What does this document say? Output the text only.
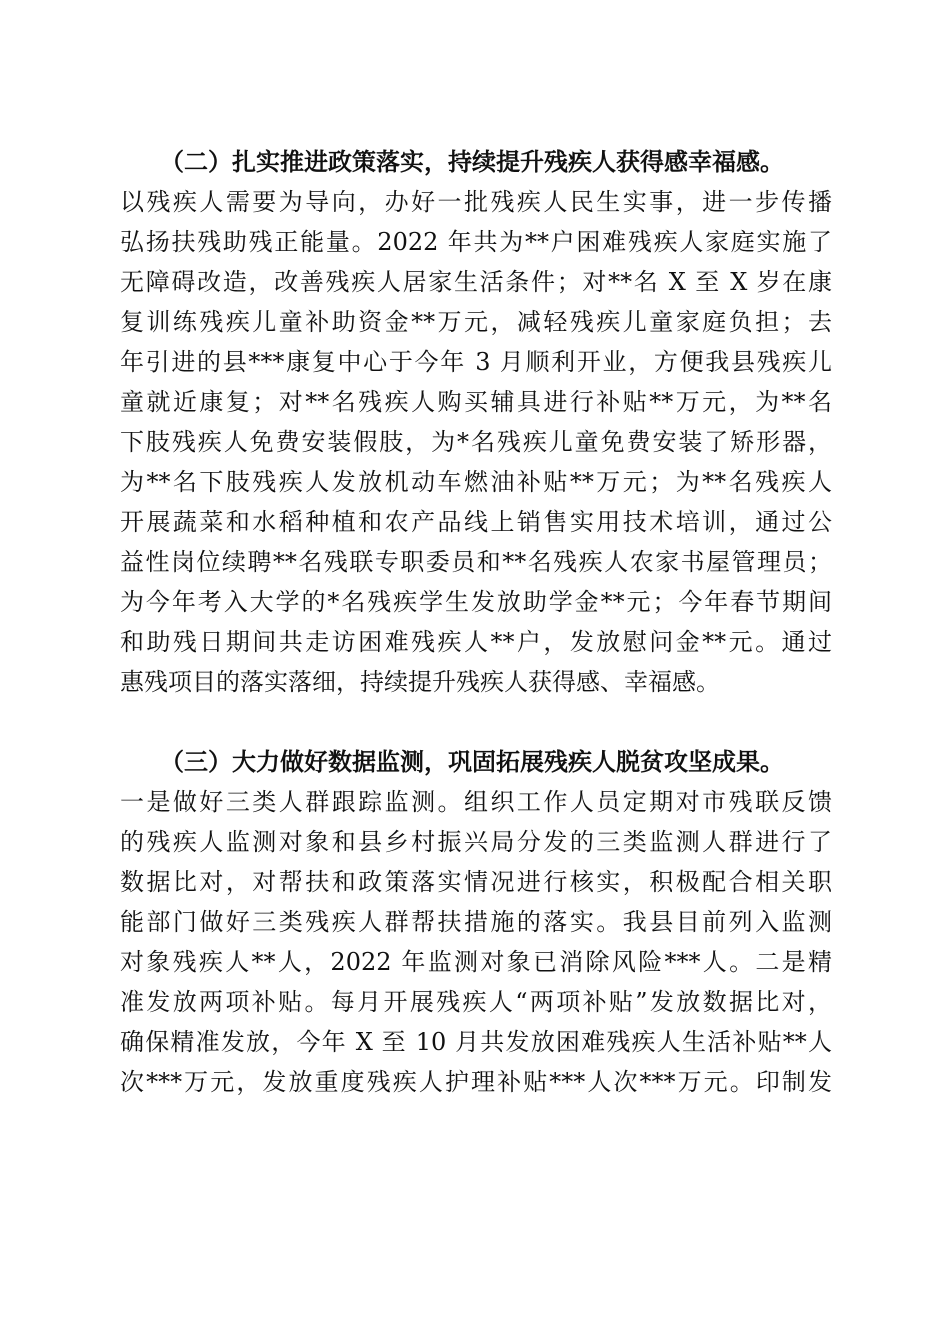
（二）扎实推进政策落实，持续提升残疾人获得感幸福感。
以残疾人需要为导向，办好一批残疾人民生实事，进一步传播
弘扬扶残助残正能量。2022 年共为**户困难残疾人家庭实施了
无障碍改造，改善残疾人居家生活条件；对**名 X 至 X 岁在康
复训练残疾儿童补助资金**万元，减轻残疾儿童家庭负担；去
年引进的县***康复中心于今年 3 月顺利开业，方便我县残疾儿
童就近康复；对**名残疾人购买辅具进行补贴**万元，为**名
下肢残疾人免费安装假肢，为*名残疾儿童免费安装了矫形器，
为**名下肢残疾人发放机动车燃油补贴**万元；为**名残疾人
开展蔬菜和水稻种植和农产品线上销售实用技术培训，通过公
益性岗位续聘**名残联专职委员和**名残疾人农家书屋管理员；
为今年考入大学的*名残疾学生发放助学金**元；今年春节期间
和助残日期间共走访困难残疾人**户，发放慰问金**元。通过
惠残项目的落实落细，持续提升残疾人获得感、幸福感。
（三）大力做好数据监测，巩固拓展残疾人脱贫攻坚成果。
一是做好三类人群跟踪监测。组织工作人员定期对市残联反馈
的残疾人监测对象和县乡村振兴局分发的三类监测人群进行了
数据比对，对帮扶和政策落实情况进行核实，积极配合相关职
能部门做好三类残疾人群帮扶措施的落实。我县目前列入监测
对象残疾人**人，2022 年监测对象已消除风险***人。二是精
准发放两项补贴。每月开展残疾人“两项补贴”发放数据比对，
确保精准发放，今年 X 至 10 月共发放困难残疾人生活补贴**人
次***万元，发放重度残疾人护理补贴***人次***万元。印制发
